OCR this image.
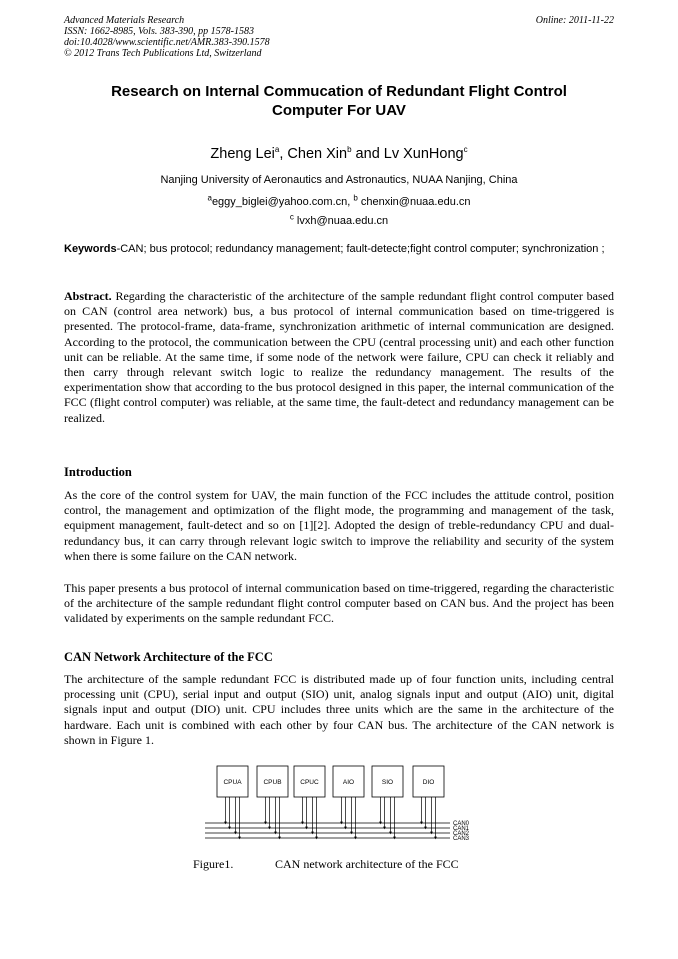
Advanced Materials Research
ISSN: 1662-8985, Vols. 383-390, pp 1578-1583
doi:10.4028/www.scientific.net/AMR.383-390.1578
© 2012 Trans Tech Publications Ltd, Switzerland
Online: 2011-11-22
Research on Internal Commucation of Redundant Flight Control
Computer For UAV
Zheng Lei$^a$, Chen Xin$^b$ and Lv XunHong$^c$
Nanjing University of Aeronautics and Astronautics, NUAA Nanjing, China
$^a$eggy_biglei@yahoo.com.cn, $^b$ chenxin@nuaa.edu.cn
$^c$ lvxh@nuaa.edu.cn
Keywords-CAN; bus protocol; redundancy management; fault-detecte;fight control computer; synchronization ;
Abstract. Regarding the characteristic of the architecture of the sample redundant flight control computer based on CAN (control area network) bus, a bus protocol of internal communication based on time-triggered is presented. The protocol-frame, data-frame, synchronization arithmetic of internal communication are designed. According to the protocol, the communication between the CPU (central processing unit) and each other function unit can be reliable. At the same time, if some node of the network were failure, CPU can check it reliably and then carry through relevant switch logic to realize the redundancy management. The results of the experimentation show that according to the bus protocol designed in this paper, the internal communication of the FCC (flight control computer) was reliable, at the same time, the fault-detect and redundancy management can be realized.
Introduction
As the core of the control system for UAV, the main function of the FCC includes the attitude control, position control, the management and optimization of the flight mode, the programming and management of the task, equipment management, fault-detect and so on [1][2]. Adopted the design of treble-redundancy CPU and dual-redundancy bus, it can carry through relevant logic switch to improve the reliability and security of the system when there is some failure on the CAN network.
This paper presents a bus protocol of internal communication based on time-triggered, regarding the characteristic of the architecture of the sample redundant flight control computer based on CAN bus. And the project has been validated by experiments on the sample redundant FCC.
CAN Network Architecture of the FCC
The architecture of the sample redundant FCC is distributed made up of four function units, including central processing unit (CPU), serial input and output (SIO) unit, analog signals input and output (AIO) unit, digital signals input and output (DIO) unit. CPU includes three units which are the same in the architecture of the hardware. Each unit is combined with each other by four CAN bus. The architecture of the CAN network is shown in Figure 1.
CPUA	CPUB	CPUC	AIO	SIO	DIO
CAN0
CAN1
CAN2
CAN3
Figure1.	CAN network architecture of the FCC
